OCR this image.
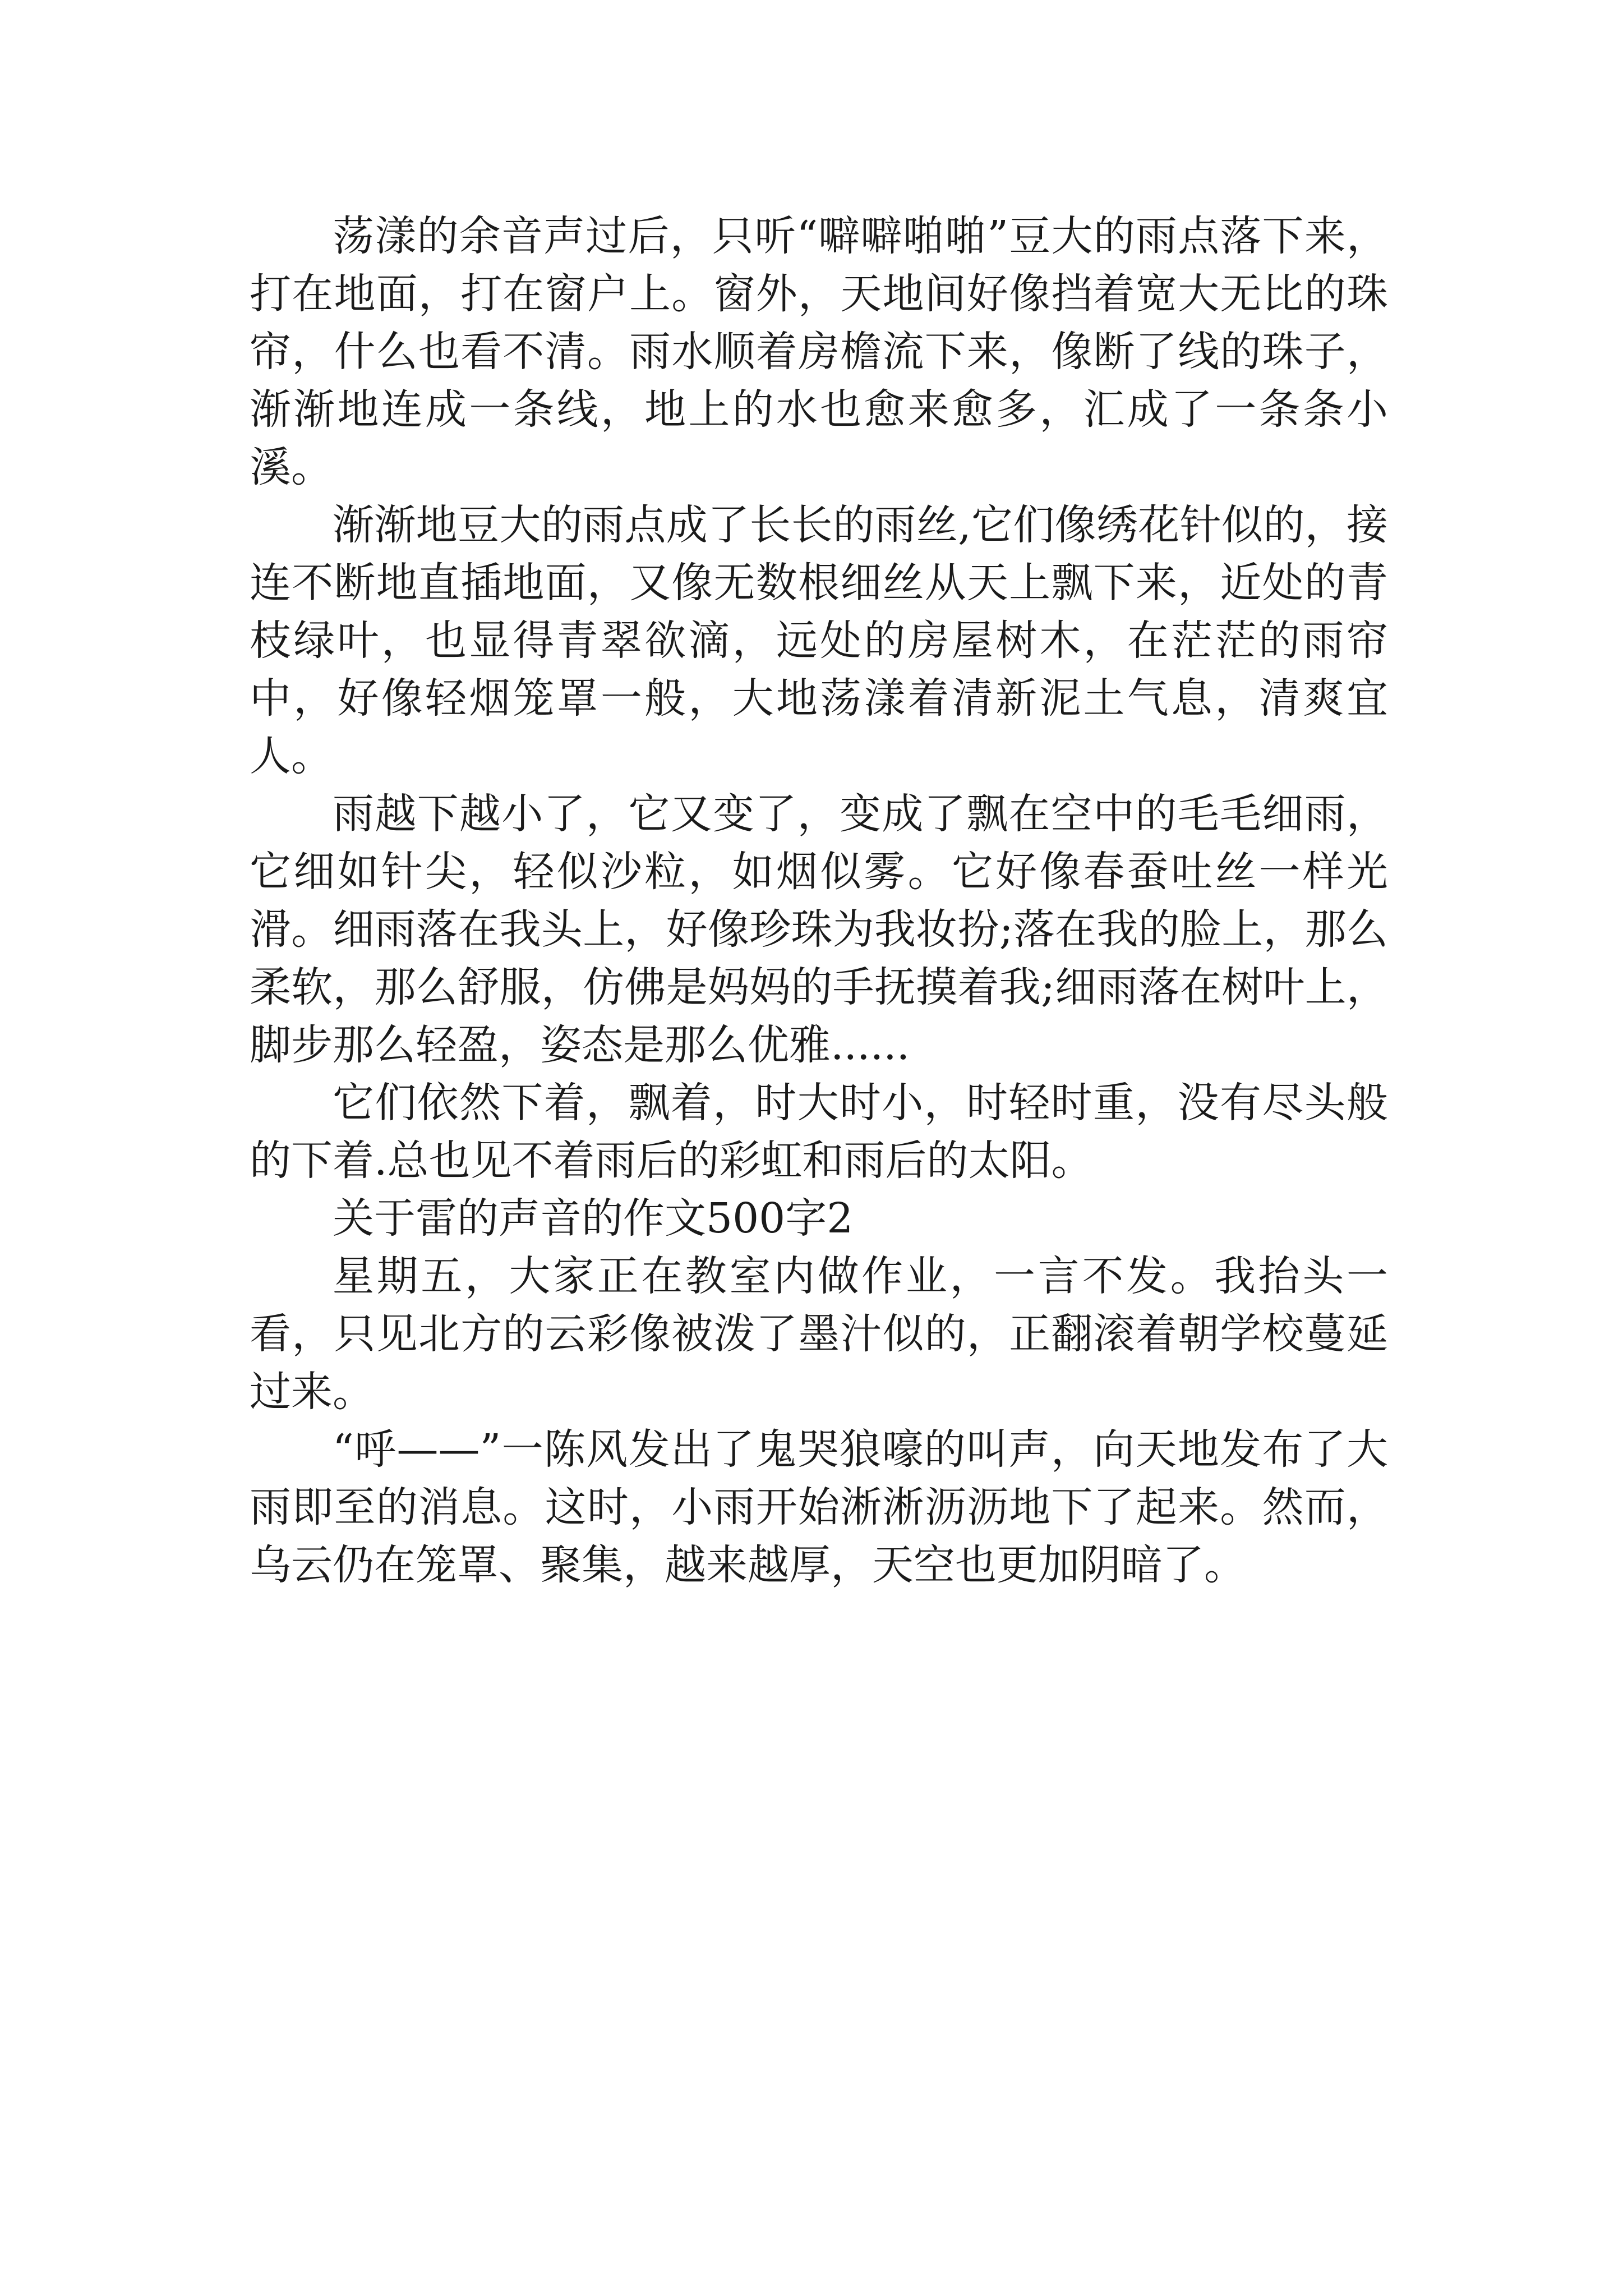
荡漾的余音声过后，只听“噼噼啪啪”豆大的雨点落下来，打在地面，打在窗户上。窗外，天地间好像挡着宽大无比的珠帘，什么也看不清。雨水顺着房檐流下来，像断了线的珠子，渐渐地连成一条线，地上的水也愈来愈多，汇成了一条条小溪。

渐渐地豆大的雨点成了长长的雨丝,它们像绣花针似的，接连不断地直插地面，又像无数根细丝从天上飘下来，近处的青枝绿叶，也显得青翠欲滴，远处的房屋树木，在茫茫的雨帘中，好像轻烟笼罩一般，大地荡漾着清新泥土气息，清爽宜人。

雨越下越小了，它又变了，变成了飘在空中的毛毛细雨，它细如针尖，轻似沙粒，如烟似雾。它好像春蚕吐丝一样光滑。细雨落在我头上，好像珍珠为我妆扮;落在我的脸上，那么柔软，那么舒服，仿佛是妈妈的手抚摸着我;细雨落在树叶上，脚步那么轻盈，姿态是那么优雅......

它们依然下着，飘着，时大时小，时轻时重，没有尽头般的下着.总也见不着雨后的彩虹和雨后的太阳。

关于雷的声音的作文500字2

星期五，大家正在教室内做作业，一言不发。我抬头一看，只见北方的云彩像被泼了墨汁似的，正翻滚着朝学校蔓延过来。

“呼——”一陈风发出了鬼哭狼嚎的叫声，向天地发布了大雨即至的消息。这时，小雨开始淅淅沥沥地下了起来。然而，乌云仍在笼罩、聚集，越来越厚，天空也更加阴暗了。
